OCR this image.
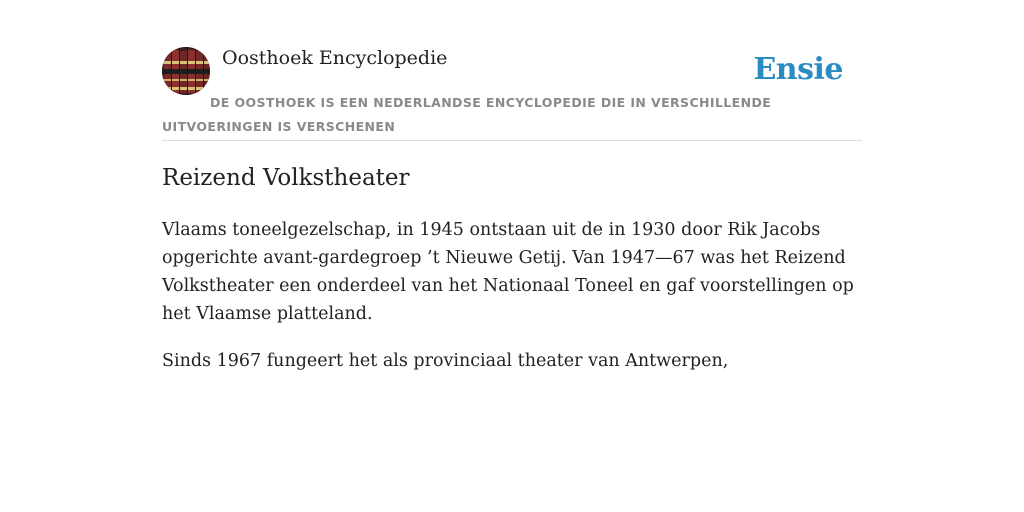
Oosthoek Encyclopedie	Ensie
DE OOSTHOEK IS EEN NEDERLANDSE ENCYCLOPEDIE DIE IN VERSCHILLENDE UITVOERINGEN IS VERSCHENEN
Reizend Volkstheater

Vlaams toneelgezelschap, in 1945 ontstaan uit de in 1930 door Rik Jacobs opgerichte avant-gardegroep ’t Nieuwe Getij. Van 1947—67 was het Reizend Volkstheater een onderdeel van het Nationaal Toneel en gaf voorstellingen op het Vlaamse platteland.

Sinds 1967 fungeert het als provinciaal theater van Antwerpen,
